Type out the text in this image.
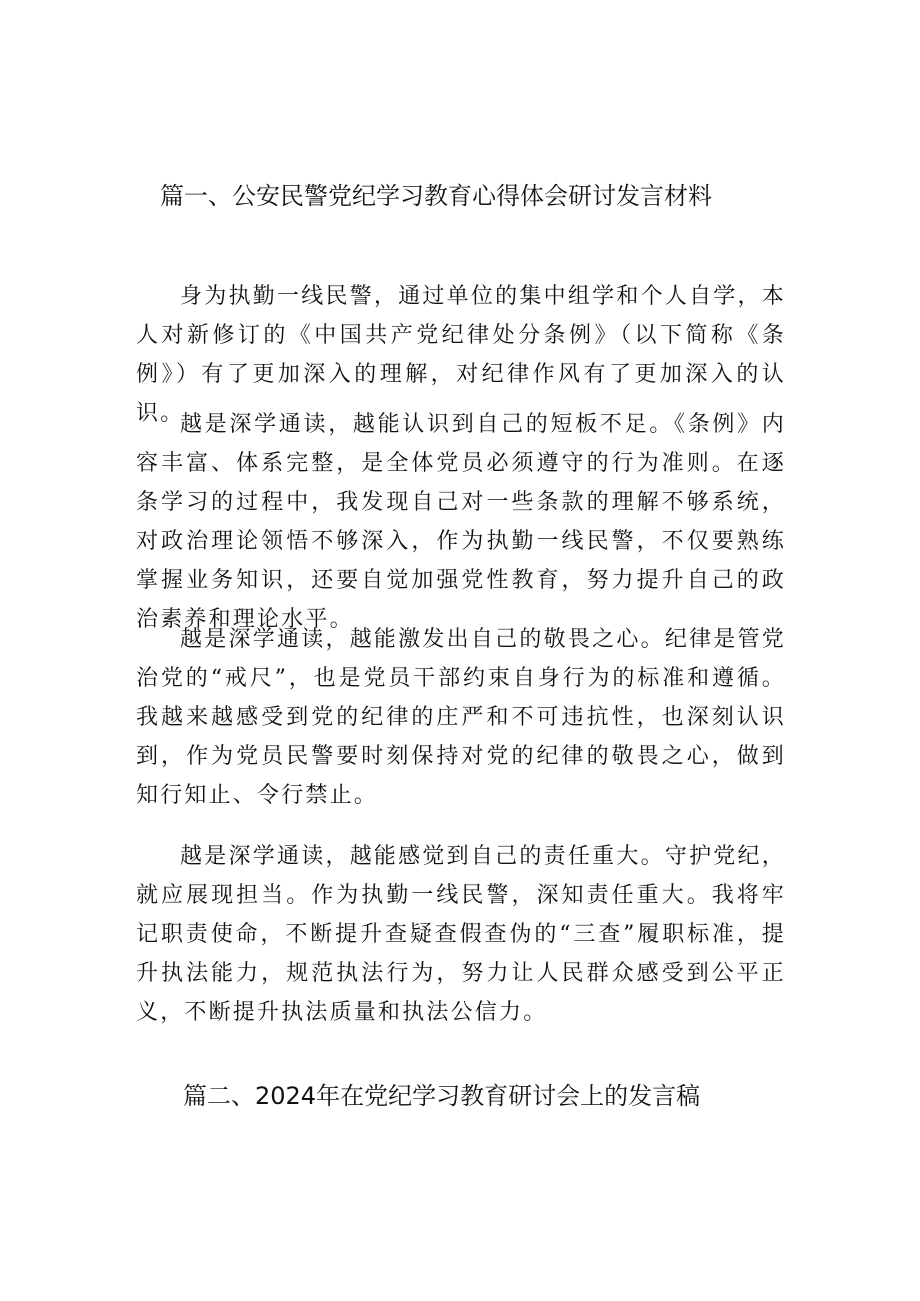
篇一、公安民警党纪学习教育心得体会研讨发言材料

身为执勤一线民警，通过单位的集中组学和个人自学，本人对新修订的《中国共产党纪律处分条例》（以下简称《条例》）有了更加深入的理解，对纪律作风有了更加深入的认识。

越是深学通读，越能认识到自己的短板不足。《条例》内容丰富、体系完整，是全体党员必须遵守的行为准则。在逐条学习的过程中，我发现自己对一些条款的理解不够系统，对政治理论领悟不够深入，作为执勤一线民警，不仅要熟练掌握业务知识，还要自觉加强党性教育，努力提升自己的政治素养和理论水平。

越是深学通读，越能激发出自己的敬畏之心。纪律是管党治党的“戒尺”，也是党员干部约束自身行为的标准和遵循。我越来越感受到党的纪律的庄严和不可违抗性，也深刻认识到，作为党员民警要时刻保持对党的纪律的敬畏之心，做到知行知止、令行禁止。

越是深学通读，越能感觉到自己的责任重大。守护党纪，就应展现担当。作为执勤一线民警，深知责任重大。我将牢记职责使命，不断提升查疑查假查伪的“三查”履职标准，提升执法能力，规范执法行为，努力让人民群众感受到公平正义，不断提升执法质量和执法公信力。

篇二、2024年在党纪学习教育研讨会上的发言稿
